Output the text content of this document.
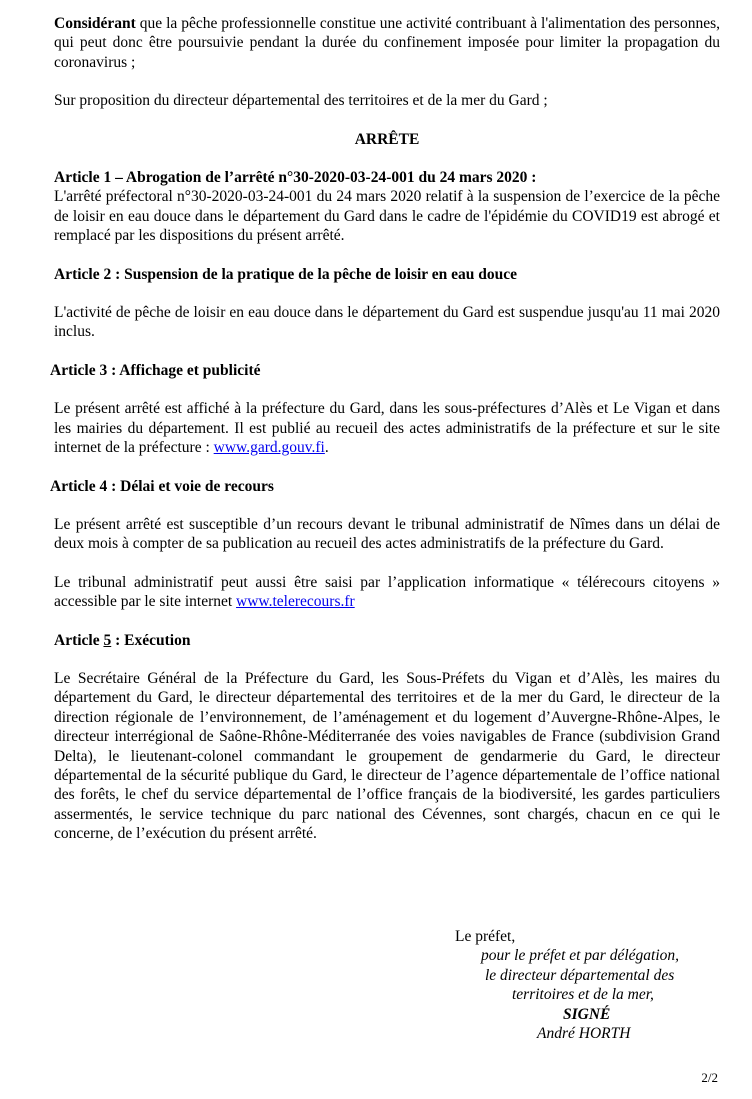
Considérant que la pêche professionnelle constitue une activité contribuant à l'alimentation des personnes, qui peut donc être poursuivie pendant la durée du confinement imposée pour limiter la propagation du coronavirus ;

Sur proposition du directeur départemental des territoires et de la mer du Gard ;

ARRÊTE

Article 1 – Abrogation de l’arrêté n°30-2020-03-24-001 du 24 mars 2020 :

L'arrêté préfectoral n°30-2020-03-24-001 du 24 mars 2020 relatif à la suspension de l’exercice de la pêche de loisir en eau douce dans le département du Gard dans le cadre de l'épidémie du COVID19 est abrogé et remplacé par les dispositions du présent arrêté.

Article 2 : Suspension de la pratique de la pêche de loisir en eau douce

L'activité de pêche de loisir en eau douce dans le département du Gard est suspendue jusqu'au 11 mai 2020 inclus.

Article 3 : Affichage et publicité

Le présent arrêté est affiché à la préfecture du Gard, dans les sous-préfectures d’Alès et Le Vigan et dans les mairies du département. Il est publié au recueil des actes administratifs de la préfecture et sur le site internet de la préfecture : www.gard.gouv.fi.

Article 4 : Délai et voie de recours

Le présent arrêté est susceptible d’un recours devant le tribunal administratif de Nîmes dans un délai de deux mois à compter de sa publication au recueil des actes administratifs de la préfecture du Gard.

Le tribunal administratif peut aussi être saisi par l’application informatique « télérecours citoyens » accessible par le site internet www.telerecours.fr

Article 5 : Exécution

Le Secrétaire Général de la Préfecture du Gard, les Sous-Préfets du Vigan et d’Alès, les maires du département du Gard, le directeur départemental des territoires et de la mer du Gard, le directeur de la direction régionale de l’environnement, de l’aménagement et du logement d’Auvergne-Rhône-Alpes, le directeur interrégional de Saône-Rhône-Méditerranée des voies navigables de France (subdivision Grand Delta), le lieutenant-colonel commandant le groupement de gendarmerie du Gard, le directeur départemental de la sécurité publique du Gard, le directeur de l’agence départementale de l’office national des forêts, le chef du service départemental de l’office français de la biodiversité, les gardes particuliers assermentés, le service technique du parc national des Cévennes, sont chargés, chacun en ce qui le concerne, de l’exécution du présent arrêté.

Le préfet,

pour le préfet et par délégation,

le directeur départemental des

territoires et de la mer,

SIGNÉ

André HORTH

2/2
